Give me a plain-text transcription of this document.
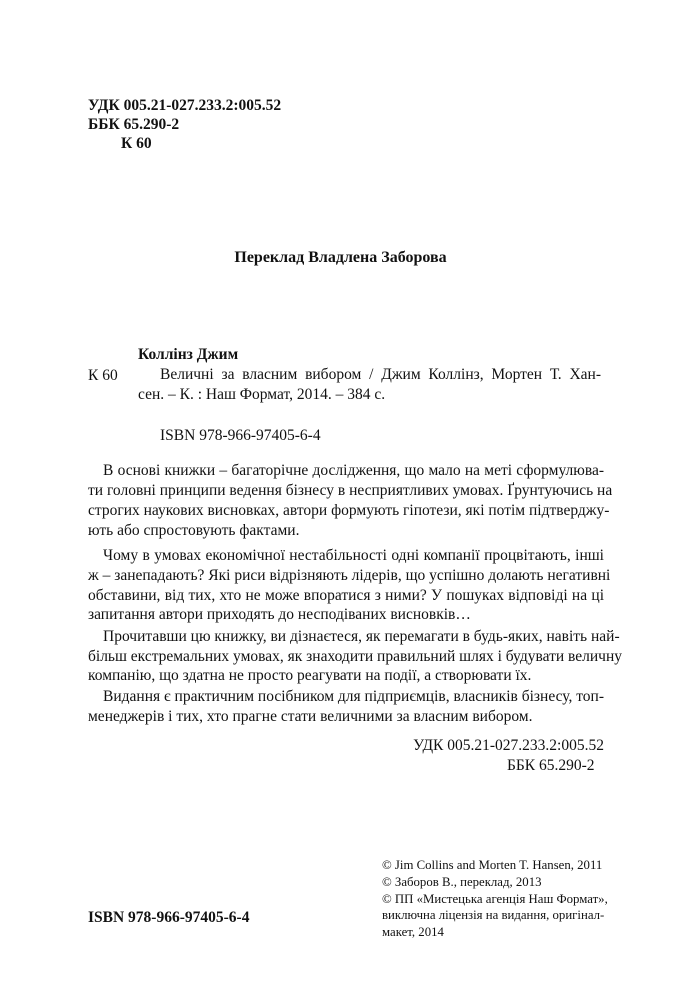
УДК 005.21-027.233.2:005.52
ББК 65.290-2
К 60
Переклад Владлена Заборова
Коллінз Джим
К 60	Величні за власним вибором / Джим Коллінз, Мортен Т. Хан-
сен. – К. : Наш Формат, 2014. – 384 с.
ISBN 978-966-97405-6-4
В основі книжки – багаторічне дослідження, що мало на меті сформулюва-
ти головні принципи ведення бізнесу в несприятливих умовах. Ґрунтуючись на
строгих наукових висновках, автори формують гіпотези, які потім підтверджу-
ють або спростовують фактами.
Чому в умовах економічної нестабільності одні компанії процвітають, інші
ж – занепадають? Які риси відрізняють лідерів, що успішно долають негативні
обставини, від тих, хто не може впоратися з ними? У пошуках відповіді на ці
запитання автори приходять до несподіваних висновків…
Прочитавши цю книжку, ви дізнаєтеся, як перемагати в будь-яких, навіть най-
більш екстремальних умовах, як знаходити правильний шлях і будувати величну
компанію, що здатна не просто реагувати на події, а створювати їх.
Видання є практичним посібником для підприємців, власників бізнесу, топ-
менеджерів і тих, хто прагне стати величними за власним вибором.
УДК 005.21-027.233.2:005.52
ББК 65.290-2
© Jim Collins and Morten T. Hansen, 2011
© Заборов В., переклад, 2013
© ПП «Мистецька агенція Наш Формат»,
виключна ліцензія на видання, оригінал-
макет, 2014
ISBN 978-966-97405-6-4
